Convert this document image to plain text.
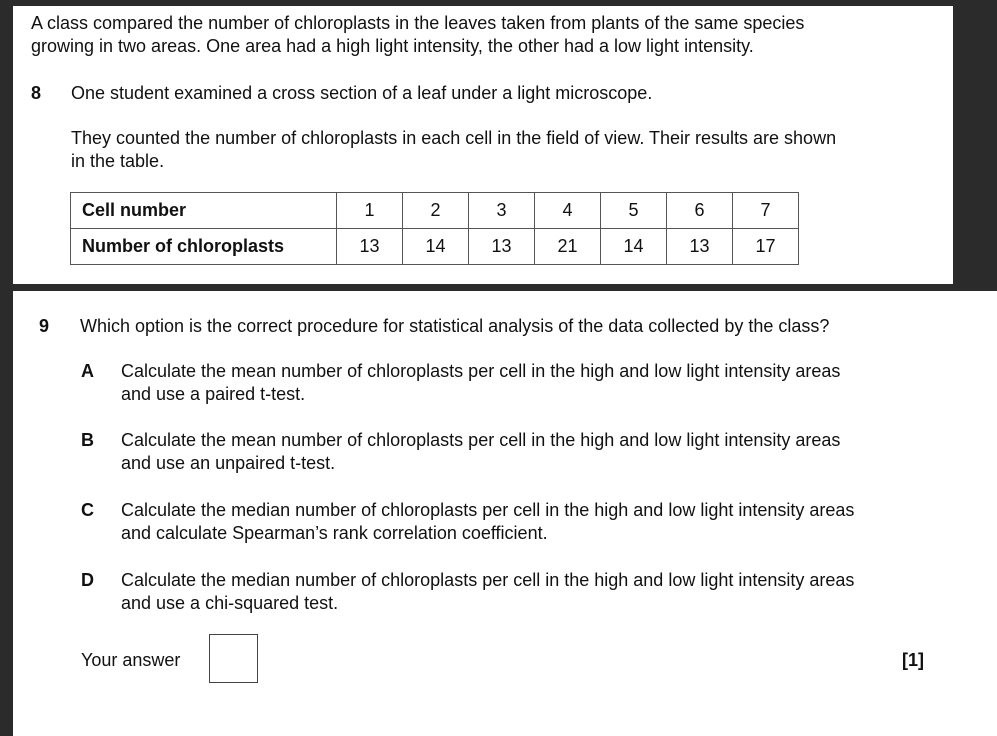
A class compared the number of chloroplasts in the leaves taken from plants of the same species
growing in two areas. One area had a high light intensity, the other had a low light intensity.
8 One student examined a cross section of a leaf under a light microscope.
They counted the number of chloroplasts in each cell in the field of view. Their results are shown
in the table.
Cell number	1	2	3	4	5	6	7
Number of chloroplasts	13	14	13	21	14	13	17
9 Which option is the correct procedure for statistical analysis of the data collected by the class?
A Calculate the mean number of chloroplasts per cell in the high and low light intensity areas
and use a paired t-test.
B Calculate the mean number of chloroplasts per cell in the high and low light intensity areas
and use an unpaired t-test.
C Calculate the median number of chloroplasts per cell in the high and low light intensity areas
and calculate Spearman’s rank correlation coefficient.
D Calculate the median number of chloroplasts per cell in the high and low light intensity areas
and use a chi-squared test.
Your answer	[1]
